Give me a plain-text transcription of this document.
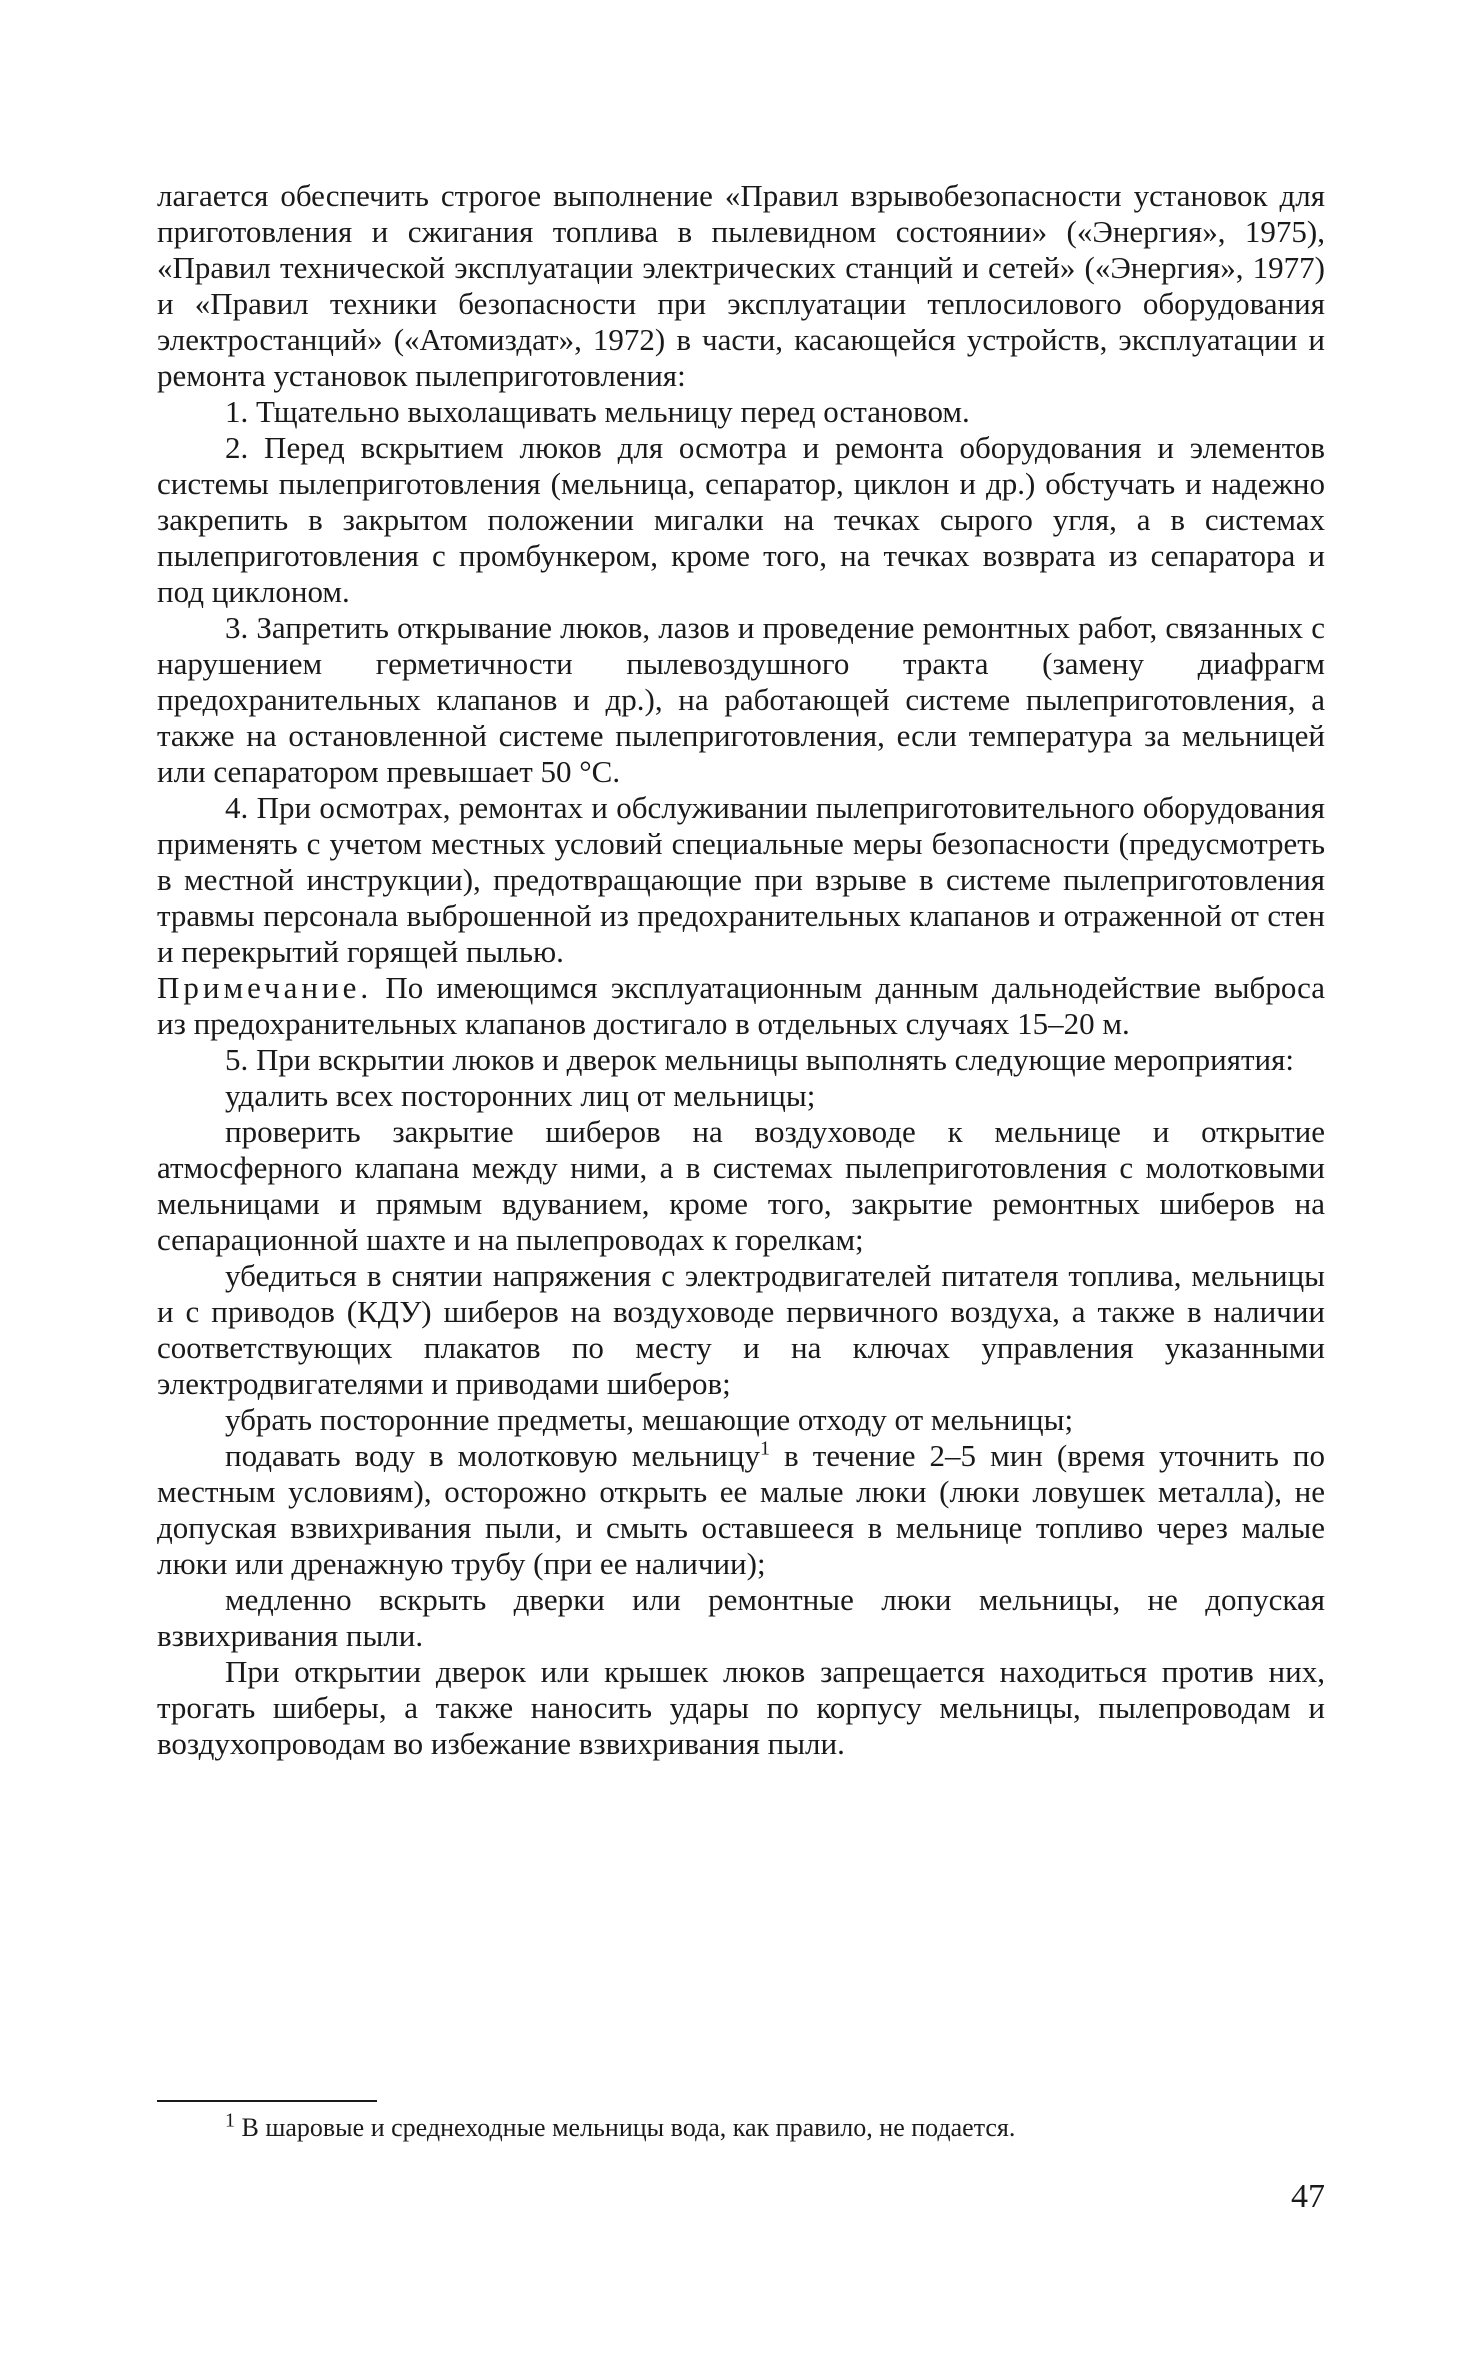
лагается обеспечить строгое выполнение «Правил взрывобезопасности установок для приготовления и сжигания топлива в пылевидном состоянии» («Энергия», 1975), «Правил технической эксплуатации электрических станций и сетей» («Энергия», 1977) и «Правил техники безопасности при эксплуатации теплосилового оборудования электростанций» («Атомиздат», 1972) в части, касающейся устройств, эксплуатации и ремонта установок пылеприготовления:

1. Тщательно выхолащивать мельницу перед остановом.

2. Перед вскрытием люков для осмотра и ремонта оборудования и элементов системы пылеприготовления (мельница, сепаратор, циклон и др.) обстучать и надежно закрепить в закрытом положении мигалки на течках сырого угля, а в системах пылеприготовления с промбункером, кроме того, на течках возврата из сепаратора и под циклоном.

3. Запретить открывание люков, лазов и проведение ремонтных работ, связанных с нарушением герметичности пылевоздушного тракта (замену диафрагм предохранительных клапанов и др.), на работающей системе пылеприготовления, а также на остановленной системе пылеприготовления, если температура за мельницей или сепаратором превышает 50 °С.

4. При осмотрах, ремонтах и обслуживании пылеприготовительного оборудования применять с учетом местных условий специальные меры безопасности (предусмотреть в местной инструкции), предотвращающие при взрыве в системе пылеприготовления травмы персонала выброшенной из предохранительных клапанов и отраженной от стен и перекрытий горящей пылью.

Примечание. По имеющимся эксплуатационным данным дальнодействие выброса из предохранительных клапанов достигало в отдельных случаях 15–20 м.

5. При вскрытии люков и дверок мельницы выполнять следующие мероприятия:

удалить всех посторонних лиц от мельницы;

проверить закрытие шиберов на воздуховоде к мельнице и открытие атмосферного клапана между ними, а в системах пылеприготовления с молотковыми мельницами и прямым вдуванием, кроме того, закрытие ремонтных шиберов на сепарационной шахте и на пылепроводах к горелкам;

убедиться в снятии напряжения с электродвигателей питателя топлива, мельницы и с приводов (КДУ) шиберов на воздуховоде первичного воздуха, а также в наличии соответствующих плакатов по месту и на ключах управления указанными электродвигателями и приводами шиберов;

убрать посторонние предметы, мешающие отходу от мельницы;

подавать воду в молотковую мельницу$^1$ в течение 2–5 мин (время уточнить по местным условиям), осторожно открыть ее малые люки (люки ловушек металла), не допуская взвихривания пыли, и смыть оставшееся в мельнице топливо через малые люки или дренажную трубу (при ее наличии);

медленно вскрыть дверки или ремонтные люки мельницы, не допуская взвихривания пыли.

При открытии дверок или крышек люков запрещается находиться против них, трогать шиберы, а также наносить удары по корпусу мельницы, пылепроводам и воздухопроводам во избежание взвихривания пыли.

$^1$ В шаровые и среднеходные мельницы вода, как правило, не подается.
47
